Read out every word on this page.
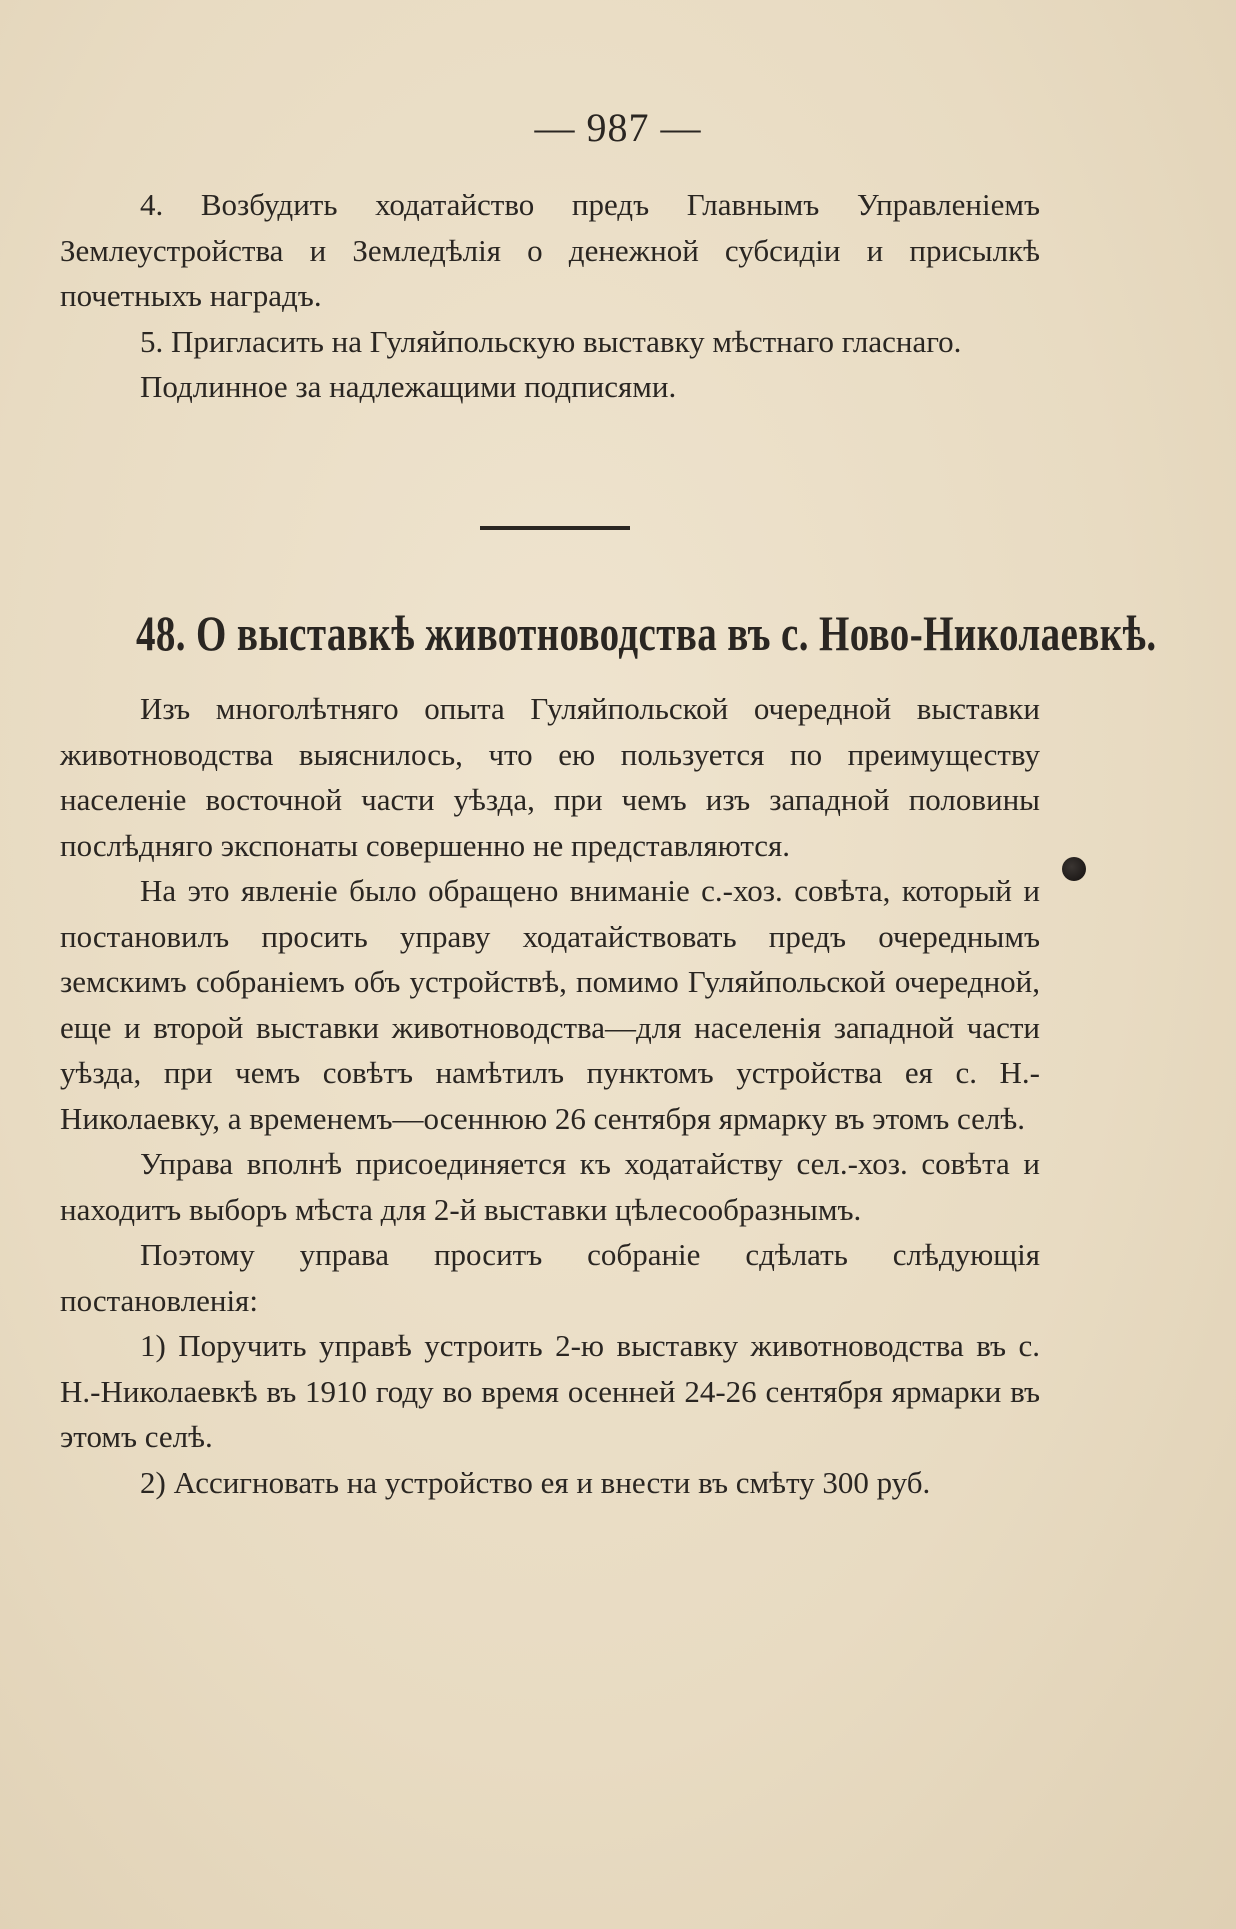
— 987 —

4. Возбудить ходатайство предъ Главнымъ Управленіемъ Землеустройства и Земледѣлія о денежной субсидіи и присылкѣ почетныхъ наградъ.

5. Пригласить на Гуляйпольскую выставку мѣстнаго гласнаго.

Подлинное за надлежащими подписями.

48. О выставкѣ животноводства въ с. Ново-Николаевкѣ.

Изъ многолѣтняго опыта Гуляйпольской очередной выставки животноводства выяснилось, что ею пользуется по преимуществу населеніе восточной части уѣзда, при чемъ изъ западной половины послѣдняго экспонаты совершенно не представляются.

На это явленіе было обращено вниманіе с.-хоз. совѣта, который и постановилъ просить управу ходатайствовать предъ очереднымъ земскимъ собраніемъ объ устройствѣ, помимо Гуляйпольской очередной, еще и второй выставки животноводства—для населенія западной части уѣзда, при чемъ совѣтъ намѣтилъ пунктомъ устройства ея с. Н.-Николаевку, а временемъ—осеннюю 26 сентября ярмарку въ этомъ селѣ.

Управа вполнѣ присоединяется къ ходатайству сел.-хоз. совѣта и находитъ выборъ мѣста для 2-й выставки цѣлесообразнымъ.

Поэтому управа проситъ собраніе сдѣлать слѣдующія постановленія:

1) Поручить управѣ устроить 2-ю выставку животноводства въ с. Н.-Николаевкѣ въ 1910 году во время осенней 24-26 сентября ярмарки въ этомъ селѣ.

2) Ассигновать на устройство ея и внести въ смѣту 300 руб.
